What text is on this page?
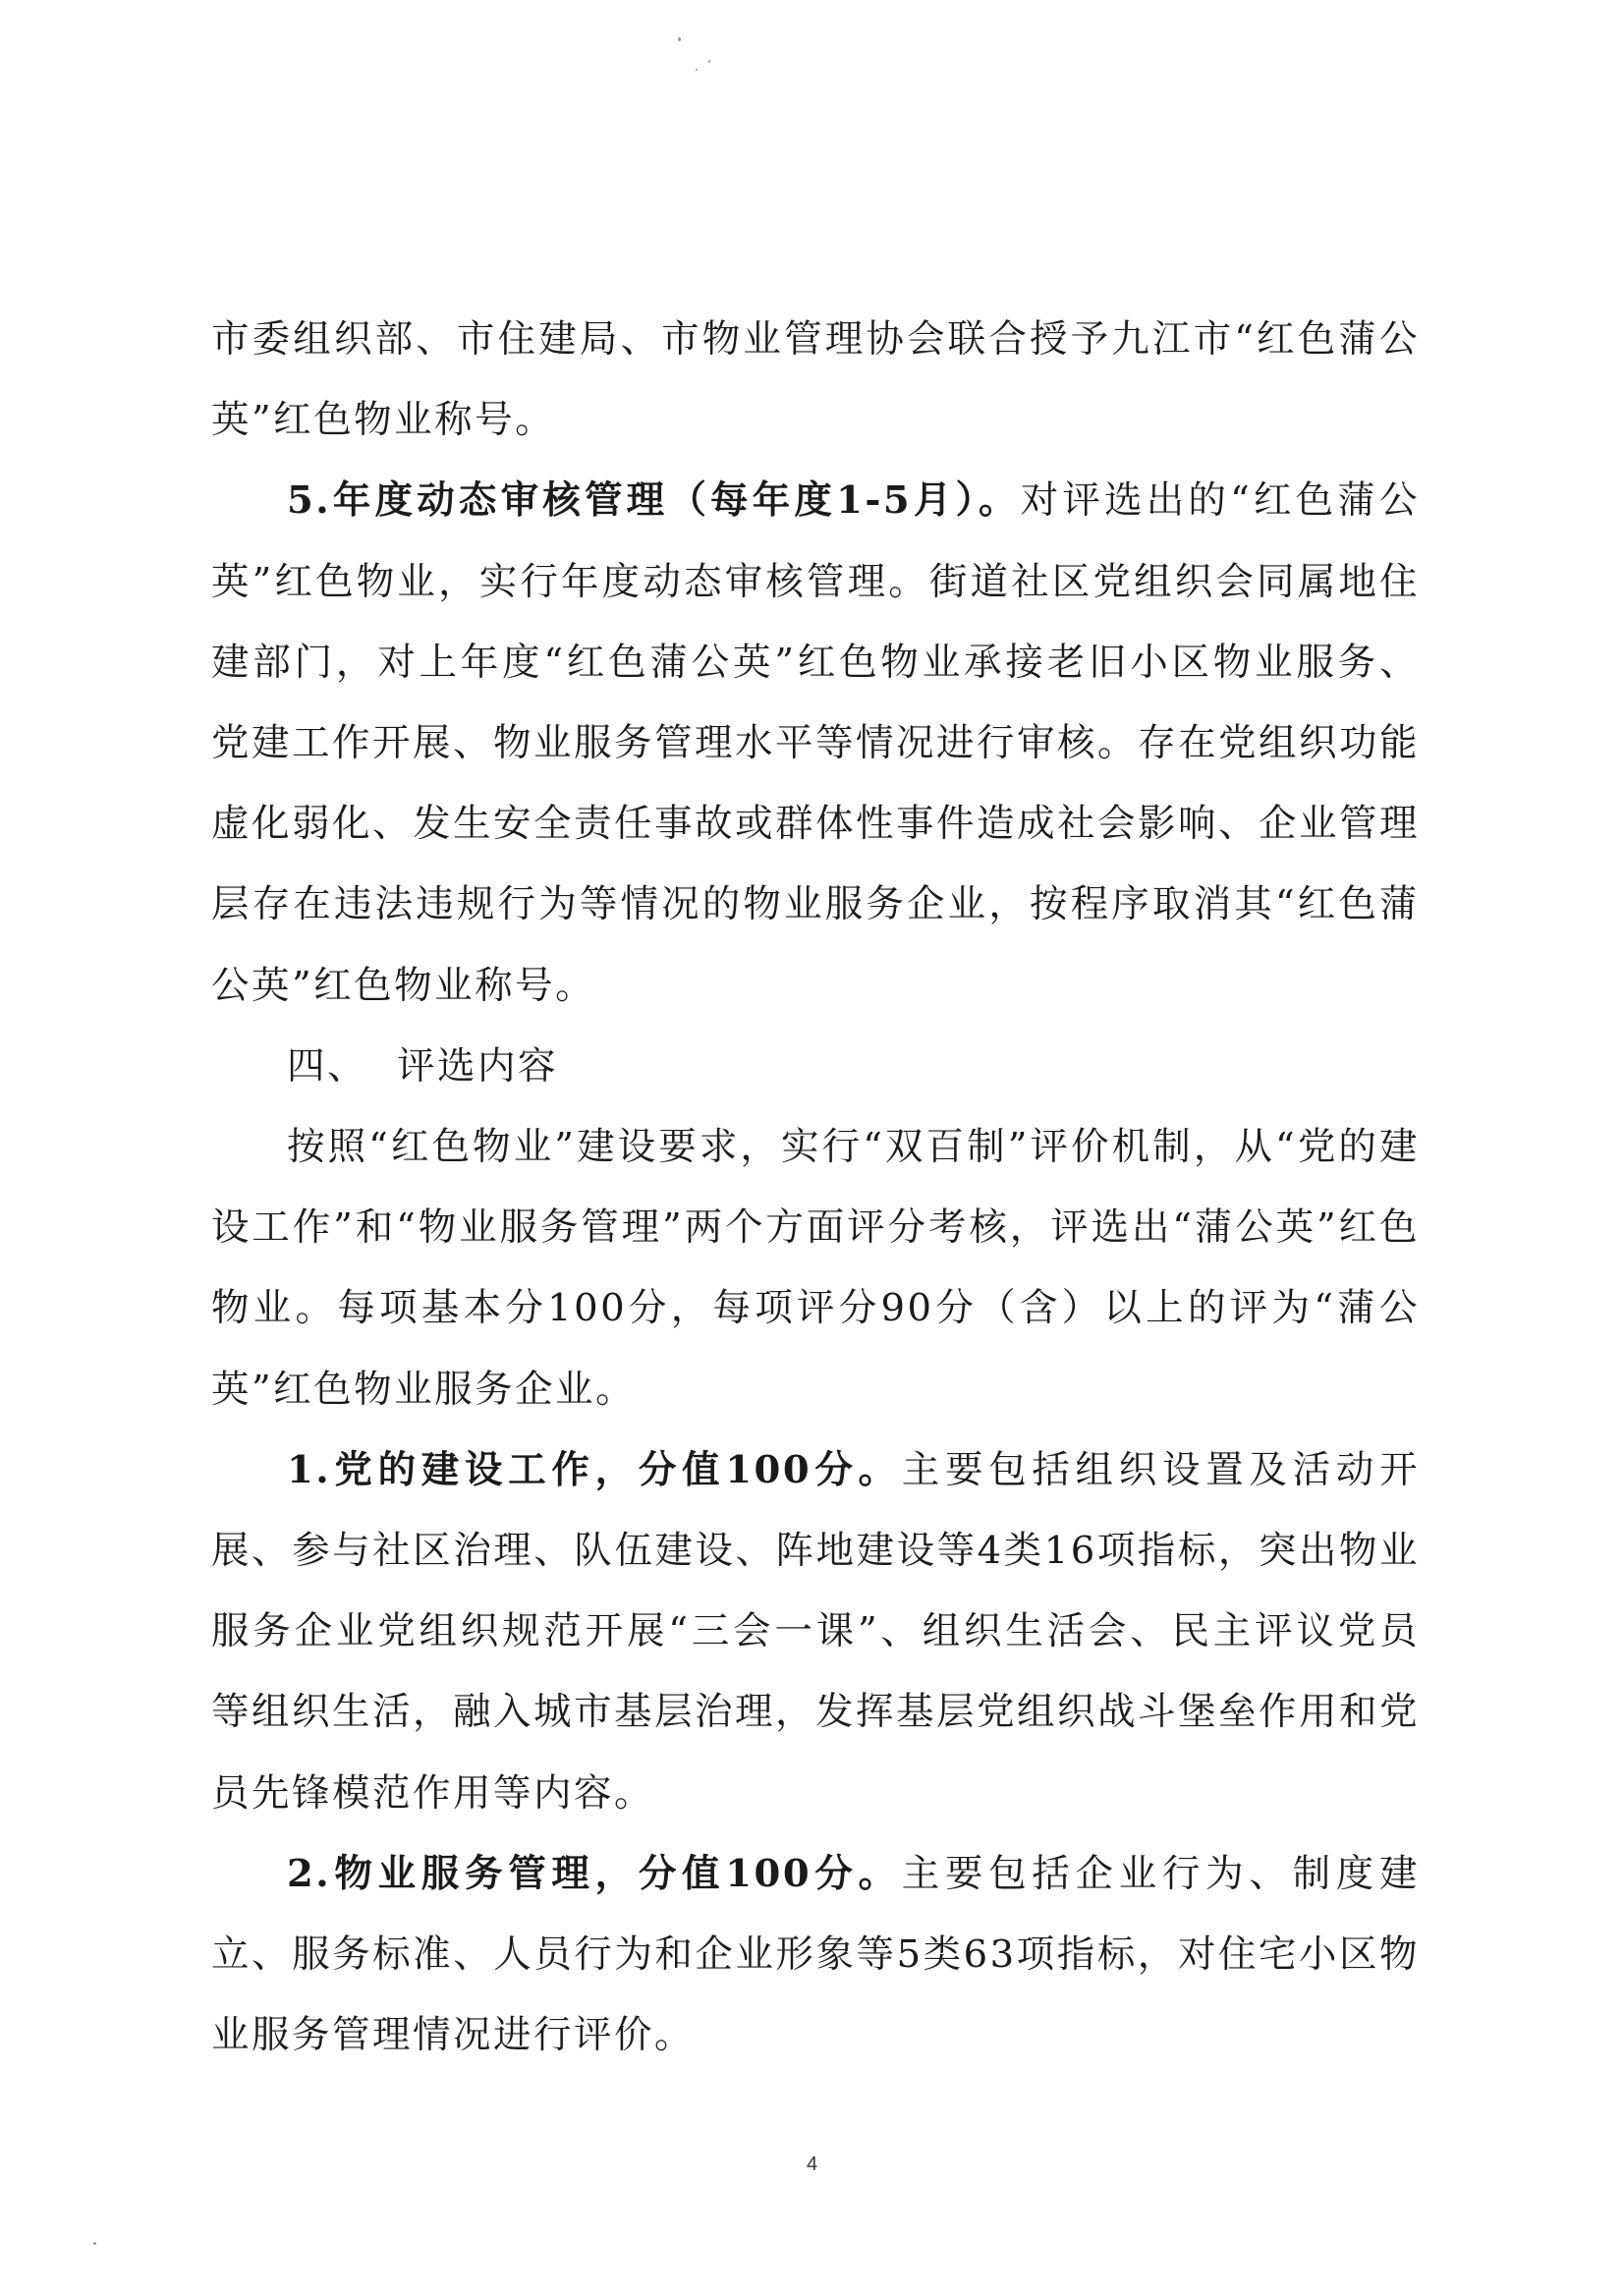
市委组织部、市住建局、市物业管理协会联合授予九江市“红色蒲公英”红色物业称号。

5.年度动态审核管理（每年度1-5月）。对评选出的“红色蒲公英”红色物业，实行年度动态审核管理。街道社区党组织会同属地住建部门，对上年度“红色蒲公英”红色物业承接老旧小区物业服务、党建工作开展、物业服务管理水平等情况进行审核。存在党组织功能虚化弱化、发生安全责任事故或群体性事件造成社会影响、企业管理层存在违法违规行为等情况的物业服务企业，按程序取消其“红色蒲公英”红色物业称号。

四、 评选内容

按照“红色物业”建设要求，实行“双百制”评价机制，从“党的建设工作”和“物业服务管理”两个方面评分考核，评选出“蒲公英”红色物业。每项基本分100分，每项评分90分（含）以上的评为“蒲公英”红色物业服务企业。

1.党的建设工作，分值100分。主要包括组织设置及活动开展、参与社区治理、队伍建设、阵地建设等4类16项指标，突出物业服务企业党组织规范开展“三会一课”、组织生活会、民主评议党员等组织生活，融入城市基层治理，发挥基层党组织战斗堡垒作用和党员先锋模范作用等内容。

2.物业服务管理，分值100分。主要包括企业行为、制度建立、服务标准、人员行为和企业形象等5类63项指标，对住宅小区物业服务管理情况进行评价。

4
